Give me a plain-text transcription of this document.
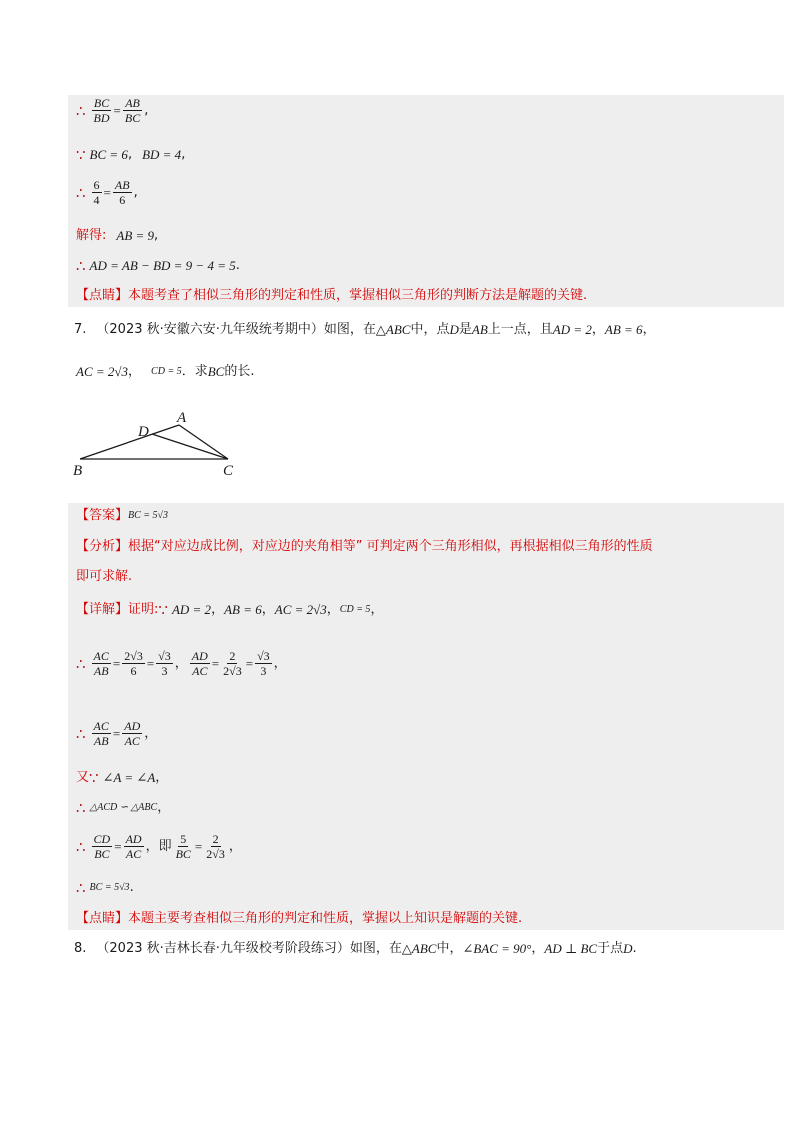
∴ $\frac{BC}{BD} = \frac{AB}{BC}$ ,
∵ BC = 6 , BD = 4 ,
∴ $\frac{6}{4} = \frac{AB}{6}$ ,
解得: AB = 9 ,
∴ AD = AB − BD = 9 − 4 = 5 .
【点睛】 本题考查了相似三角形的判定和性质，掌握相似三角形的判断方法是解题的关键.
7. （2023 秋·安徽六安·九年级统考期中）如图，在 △ABC 中，点 D 是 AB 上一点，且 AD = 2 ， AB = 6 ，
AC = 2√3 ， CD = 5 ．求 BC 的长.
A
D
B	C
【答案】 BC = 5√3
【分析】 根据“对应边成比例，对应边的夹角相等” 可判定两个三角形相似，再根据相似三角形的性质
即可求解.
【详解】 证明: ∵ AD = 2 ， AB = 6 ， AC = 2√3 ， CD = 5 ，
∴ $\frac{AC}{AB} = \frac{2√3}{6} = \frac{√3}{3}$ ， $\frac{AD}{AC} = \frac{2}{2√3} = \frac{√3}{3}$ ，
∴ $\frac{AC}{AB} = \frac{AD}{AC}$ ，
又 ∵ ∠A = ∠A ，
∴ △ACD ∽ △ABC ，
∴ $\frac{CD}{BC} = \frac{AD}{AC}$ ，即 $\frac{5}{BC} = \frac{2}{2√3}$ ，
∴ BC = 5√3 .
【点睛】 本题主要考查相似三角形的判定和性质，掌握以上知识是解题的关键.
8. （2023 秋·吉林长春·九年级校考阶段练习）如图，在 △ABC 中， ∠BAC = 90° ， AD ⊥ BC 于点 D .
